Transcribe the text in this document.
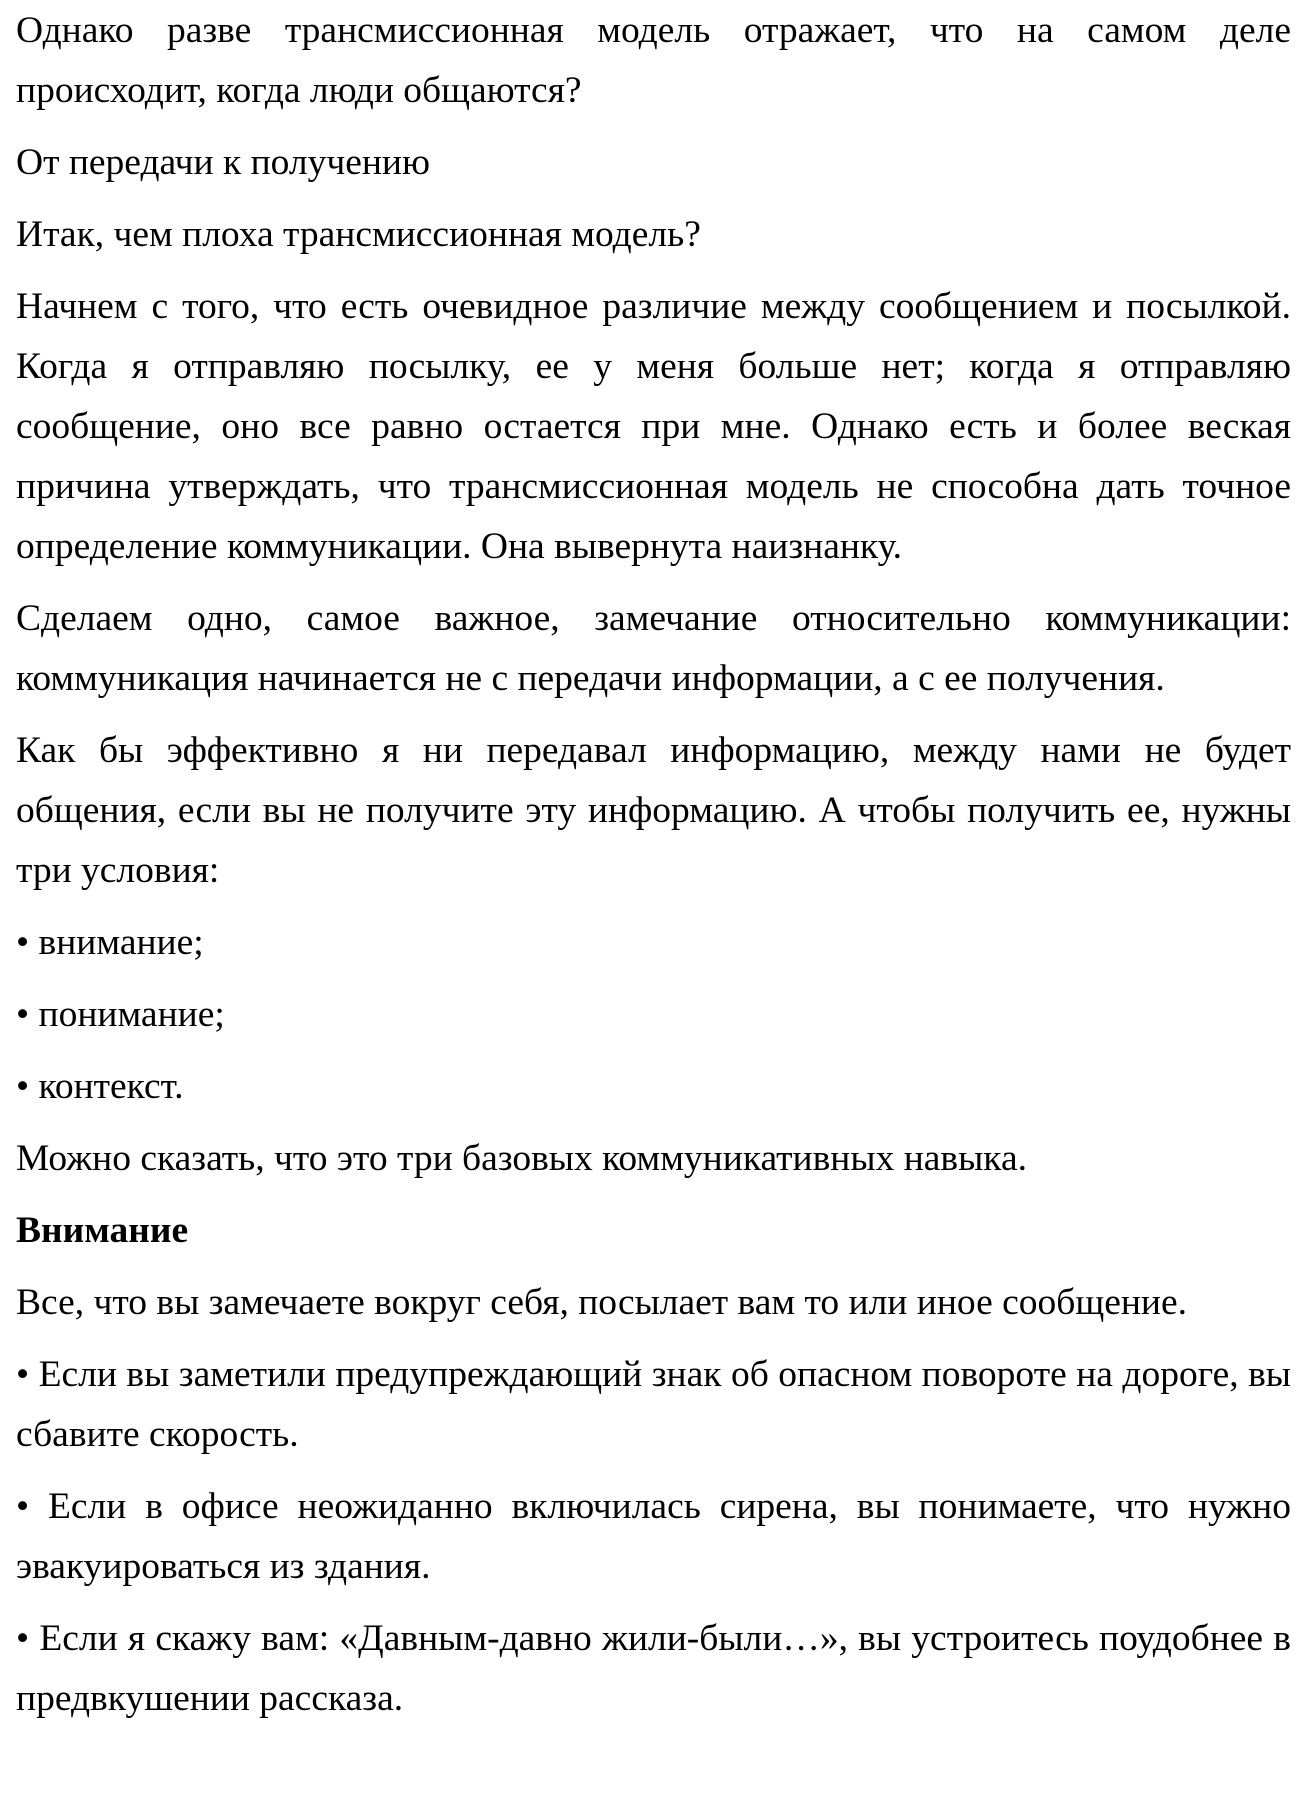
Однако разве трансмиссионная модель отражает, что на самом деле происходит, когда люди общаются?

От передачи к получению

Итак, чем плоха трансмиссионная модель?

Начнем с того, что есть очевидное различие между сообщением и посылкой. Когда я отправляю посылку, ее у меня больше нет; когда я отправляю сообщение, оно все равно остается при мне. Однако есть и более веская причина утверждать, что трансмиссионная модель не способна дать точное определение коммуникации. Она вывернута наизнанку.

Сделаем одно, самое важное, замечание относительно коммуникации: коммуникация начинается не с передачи информации, а с ее получения.

Как бы эффективно я ни передавал информацию, между нами не будет общения, если вы не получите эту информацию. А чтобы получить ее, нужны три условия:

• внимание;

• понимание;

• контекст.

Можно сказать, что это три базовых коммуникативных навыка.

Внимание

Все, что вы замечаете вокруг себя, посылает вам то или иное сообщение.

• Если вы заметили предупреждающий знак об опасном повороте на дороге, вы сбавите скорость.

• Если в офисе неожиданно включилась сирена, вы понимаете, что нужно эвакуироваться из здания.

• Если я скажу вам: «Давным-давно жили-были…», вы устроитесь поудобнее в предвкушении рассказа.
